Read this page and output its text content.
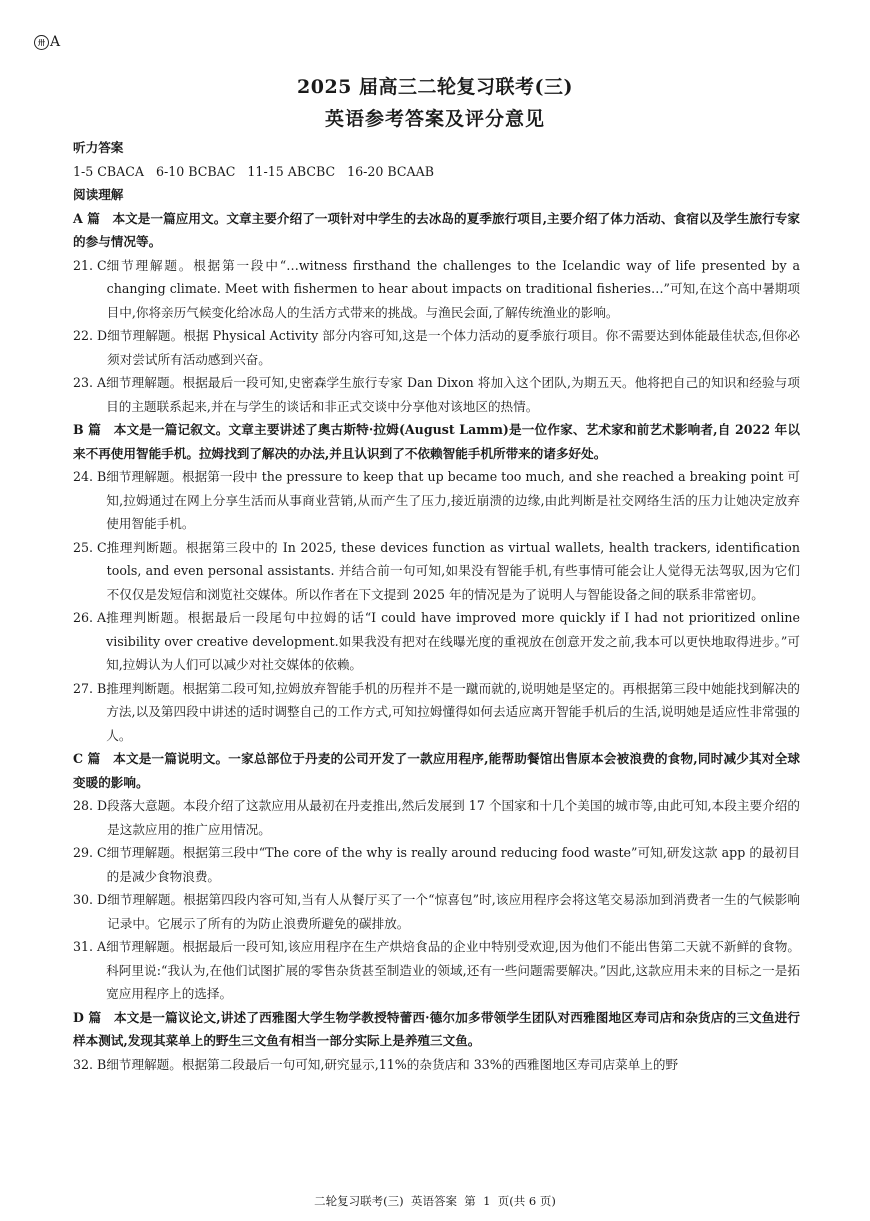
卅 A
2025 届高三二轮复习联考(三)
英语参考答案及评分意见

听力答案

1-5 CBACA   6-10 BCBAC   11-15 ABCBC   16-20 BCAAB

阅读理解

A 篇　本文是一篇应用文。文章主要介绍了一项针对中学生的去冰岛的夏季旅行项目,主要介绍了体力活动、食宿以及学生旅行专家的参与情况等。

21. C 细节理解题。根据第一段中“…witness firsthand the challenges to the Icelandic way of life presented by a changing climate. Meet with fishermen to hear about impacts on traditional fisheries…”可知,在这个高中暑期项目中,你将亲历气候变化给冰岛人的生活方式带来的挑战。与渔民会面,了解传统渔业的影响。
22. D 细节理解题。根据 Physical Activity 部分内容可知,这是一个体力活动的夏季旅行项目。你不需要达到体能最佳状态,但你必须对尝试所有活动感到兴奋。
23. A 细节理解题。根据最后一段可知,史密森学生旅行专家 Dan Dixon 将加入这个团队,为期五天。他将把自己的知识和经验与项目的主题联系起来,并在与学生的谈话和非正式交谈中分享他对该地区的热情。

B 篇　本文是一篇记叙文。文章主要讲述了奥古斯特·拉姆(August Lamm)是一位作家、艺术家和前艺术影响者,自 2022 年以来不再使用智能手机。拉姆找到了解决的办法,并且认识到了不依赖智能手机所带来的诸多好处。

24. B 细节理解题。根据第一段中 the pressure to keep that up became too much, and she reached a breaking point 可知,拉姆通过在网上分享生活而从事商业营销,从而产生了压力,接近崩溃的边缘,由此判断是社交网络生活的压力让她决定放弃使用智能手机。
25. C 推理判断题。根据第三段中的 In 2025, these devices function as virtual wallets, health trackers, identification tools, and even personal assistants. 并结合前一句可知,如果没有智能手机,有些事情可能会让人觉得无法驾驭,因为它们不仅仅是发短信和浏览社交媒体。所以作者在下文提到 2025 年的情况是为了说明人与智能设备之间的联系非常密切。
26. A 推理判断题。根据最后一段尾句中拉姆的话“I could have improved more quickly if I had not prioritized online visibility over creative development.如果我没有把对在线曝光度的重视放在创意开发之前,我本可以更快地取得进步。”可知,拉姆认为人们可以减少对社交媒体的依赖。
27. B 推理判断题。根据第二段可知,拉姆放弃智能手机的历程并不是一蹴而就的,说明她是坚定的。再根据第三段中她能找到解决的方法,以及第四段中讲述的适时调整自己的工作方式,可知拉姆懂得如何去适应离开智能手机后的生活,说明她是适应性非常强的人。

C 篇　本文是一篇说明文。一家总部位于丹麦的公司开发了一款应用程序,能帮助餐馆出售原本会被浪费的食物,同时减少其对全球变暖的影响。

28. D 段落大意题。本段介绍了这款应用从最初在丹麦推出,然后发展到 17 个国家和十几个美国的城市等,由此可知,本段主要介绍的是这款应用的推广应用情况。
29. C 细节理解题。根据第三段中“The core of the why is really around reducing food waste”可知,研发这款 app 的最初目的是减少食物浪费。
30. D 细节理解题。根据第四段内容可知,当有人从餐厅买了一个“惊喜包”时,该应用程序会将这笔交易添加到消费者一生的气候影响记录中。它展示了所有的为防止浪费所避免的碳排放。
31. A 细节理解题。根据最后一段可知,该应用程序在生产烘焙食品的企业中特别受欢迎,因为他们不能出售第二天就不新鲜的食物。科阿里说:“我认为,在他们试图扩展的零售杂货甚至制造业的领域,还有一些问题需要解决。”因此,这款应用未来的目标之一是拓宽应用程序上的选择。

D 篇　本文是一篇议论文,讲述了西雅图大学生物学教授特蕾西·德尔加多带领学生团队对西雅图地区寿司店和杂货店的三文鱼进行样本测试,发现其菜单上的野生三文鱼有相当一部分实际上是养殖三文鱼。

32. B 细节理解题。根据第二段最后一句可知,研究显示,11%的杂货店和 33%的西雅图地区寿司店菜单上的野
二轮复习联考(三)  英语答案  第  1  页(共 6 页)
